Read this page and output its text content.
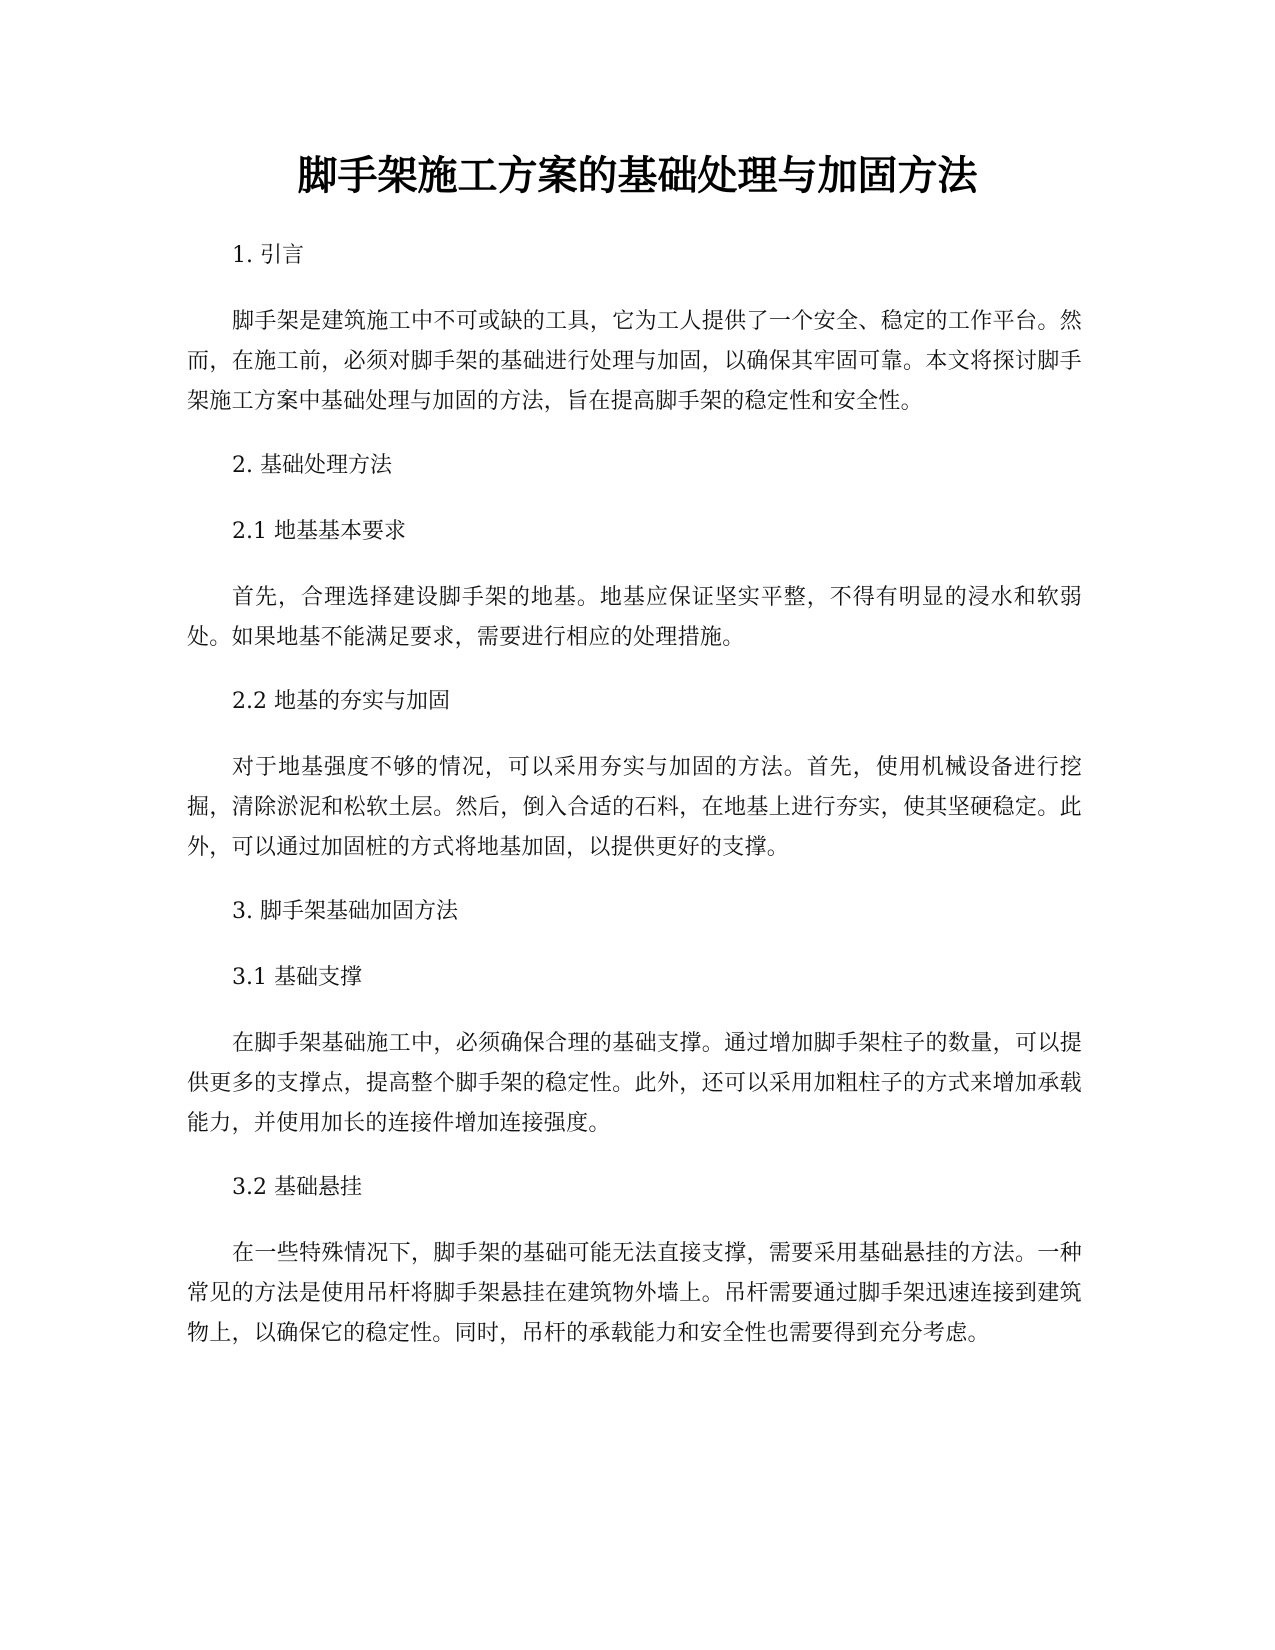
脚手架施工方案的基础处理与加固方法

1. 引言

脚手架是建筑施工中不可或缺的工具，它为工人提供了一个安全、稳定的工作平台。然而，在施工前，必须对脚手架的基础进行处理与加固，以确保其牢固可靠。本文将探讨脚手架施工方案中基础处理与加固的方法，旨在提高脚手架的稳定性和安全性。

2. 基础处理方法

2.1 地基基本要求

首先，合理选择建设脚手架的地基。地基应保证坚实平整，不得有明显的浸水和软弱处。如果地基不能满足要求，需要进行相应的处理措施。

2.2 地基的夯实与加固

对于地基强度不够的情况，可以采用夯实与加固的方法。首先，使用机械设备进行挖掘，清除淤泥和松软土层。然后，倒入合适的石料，在地基上进行夯实，使其坚硬稳定。此外，可以通过加固桩的方式将地基加固，以提供更好的支撑。

3. 脚手架基础加固方法

3.1 基础支撑

在脚手架基础施工中，必须确保合理的基础支撑。通过增加脚手架柱子的数量，可以提供更多的支撑点，提高整个脚手架的稳定性。此外，还可以采用加粗柱子的方式来增加承载能力，并使用加长的连接件增加连接强度。

3.2 基础悬挂

在一些特殊情况下，脚手架的基础可能无法直接支撑，需要采用基础悬挂的方法。一种常见的方法是使用吊杆将脚手架悬挂在建筑物外墙上。吊杆需要通过脚手架迅速连接到建筑物上，以确保它的稳定性。同时，吊杆的承载能力和安全性也需要得到充分考虑。
